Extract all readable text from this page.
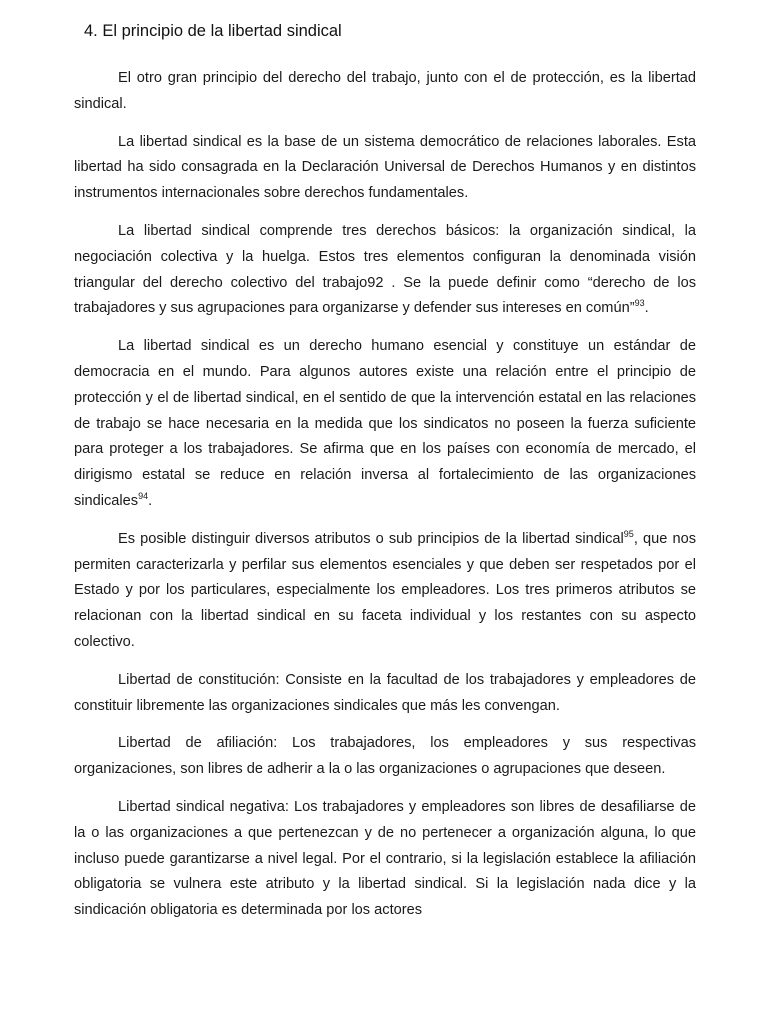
4. El principio de la libertad sindical

El otro gran principio del derecho del trabajo, junto con el de protección, es la libertad sindical.

La libertad sindical es la base de un sistema democrático de relaciones laborales. Esta libertad ha sido consagrada en la Declaración Universal de Derechos Humanos y en distintos instrumentos internacionales sobre derechos fundamentales.

La libertad sindical comprende tres derechos básicos: la organización sindical, la negociación colectiva y la huelga. Estos tres elementos configuran la denominada visión triangular del derecho colectivo del trabajo92 . Se la puede definir como “derecho de los trabajadores y sus agrupaciones para organizarse y defender sus intereses en común”$^{93}$.

La libertad sindical es un derecho humano esencial y constituye un estándar de democracia en el mundo. Para algunos autores existe una relación entre el principio de protección y el de libertad sindical, en el sentido de que la intervención estatal en las relaciones de trabajo se hace necesaria en la medida que los sindicatos no poseen la fuerza suficiente para proteger a los trabajadores. Se afirma que en los países con economía de mercado, el dirigismo estatal se reduce en relación inversa al fortalecimiento de las organizaciones sindicales$^{94}$.

Es posible distinguir diversos atributos o sub principios de la libertad sindical$^{95}$, que nos permiten caracterizarla y perfilar sus elementos esenciales y que deben ser respetados por el Estado y por los particulares, especialmente los empleadores. Los tres primeros atributos se relacionan con la libertad sindical en su faceta individual y los restantes con su aspecto colectivo.

Libertad de constitución: Consiste en la facultad de los trabajadores y empleadores de constituir libremente las organizaciones sindicales que más les convengan.

Libertad de afiliación: Los trabajadores, los empleadores y sus respectivas organizaciones, son libres de adherir a la o las organizaciones o agrupaciones que deseen.

Libertad sindical negativa: Los trabajadores y empleadores son libres de desafiliarse de la o las organizaciones a que pertenezcan y de no pertenecer a organización alguna, lo que incluso puede garantizarse a nivel legal. Por el contrario, si la legislación establece la afiliación obligatoria se vulnera este atributo y la libertad sindical. Si la legislación nada dice y la sindicación obligatoria es determinada por los actores
